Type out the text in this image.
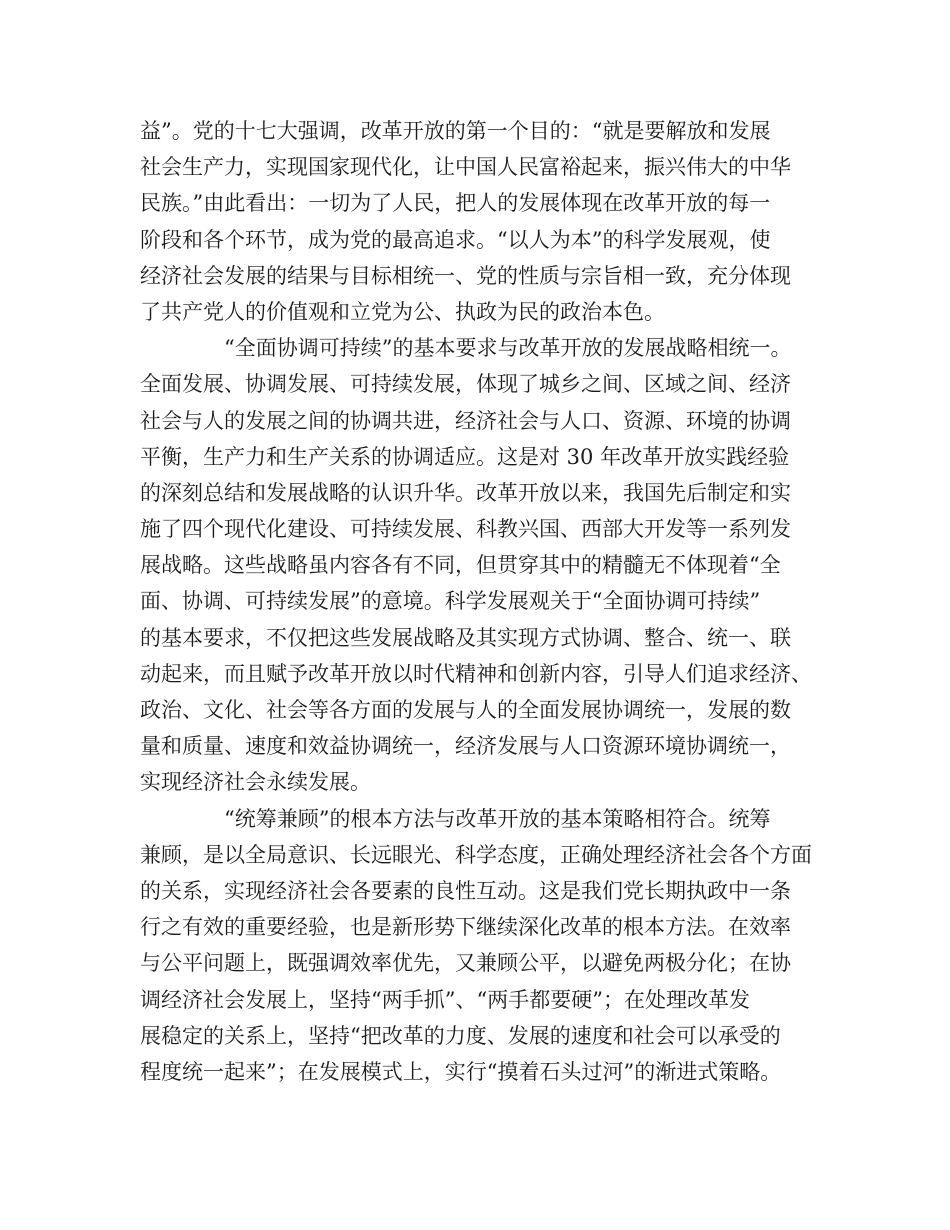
益”。党的十七大强调，改革开放的第一个目的：“就是要解放和发展
社会生产力，实现国家现代化，让中国人民富裕起来，振兴伟大的中华
民族。”由此看出：一切为了人民，把人的发展体现在改革开放的每一
阶段和各个环节，成为党的最高追求。“以人为本”的科学发展观，使
经济社会发展的结果与目标相统一、党的性质与宗旨相一致，充分体现
了共产党人的价值观和立党为公、执政为民的政治本色。
“全面协调可持续”的基本要求与改革开放的发展战略相统一。
全面发展、协调发展、可持续发展，体现了城乡之间、区域之间、经济
社会与人的发展之间的协调共进，经济社会与人口、资源、环境的协调
平衡，生产力和生产关系的协调适应。这是对 30 年改革开放实践经验
的深刻总结和发展战略的认识升华。改革开放以来，我国先后制定和实
施了四个现代化建设、可持续发展、科教兴国、西部大开发等一系列发
展战略。这些战略虽内容各有不同，但贯穿其中的精髓无不体现着“全
面、协调、可持续发展”的意境。科学发展观关于“全面协调可持续”
的基本要求，不仅把这些发展战略及其实现方式协调、整合、统一、联
动起来，而且赋予改革开放以时代精神和创新内容，引导人们追求经济、
政治、文化、社会等各方面的发展与人的全面发展协调统一，发展的数
量和质量、速度和效益协调统一，经济发展与人口资源环境协调统一，
实现经济社会永续发展。
“统筹兼顾”的根本方法与改革开放的基本策略相符合。统筹
兼顾，是以全局意识、长远眼光、科学态度，正确处理经济社会各个方面
的关系，实现经济社会各要素的良性互动。这是我们党长期执政中一条
行之有效的重要经验，也是新形势下继续深化改革的根本方法。在效率
与公平问题上，既强调效率优先，又兼顾公平，以避免两极分化；在协
调经济社会发展上，坚持“两手抓”、“两手都要硬”；在处理改革发
展稳定的关系上，坚持“把改革的力度、发展的速度和社会可以承受的
程度统一起来”；在发展模式上，实行“摸着石头过河”的渐进式策略。
